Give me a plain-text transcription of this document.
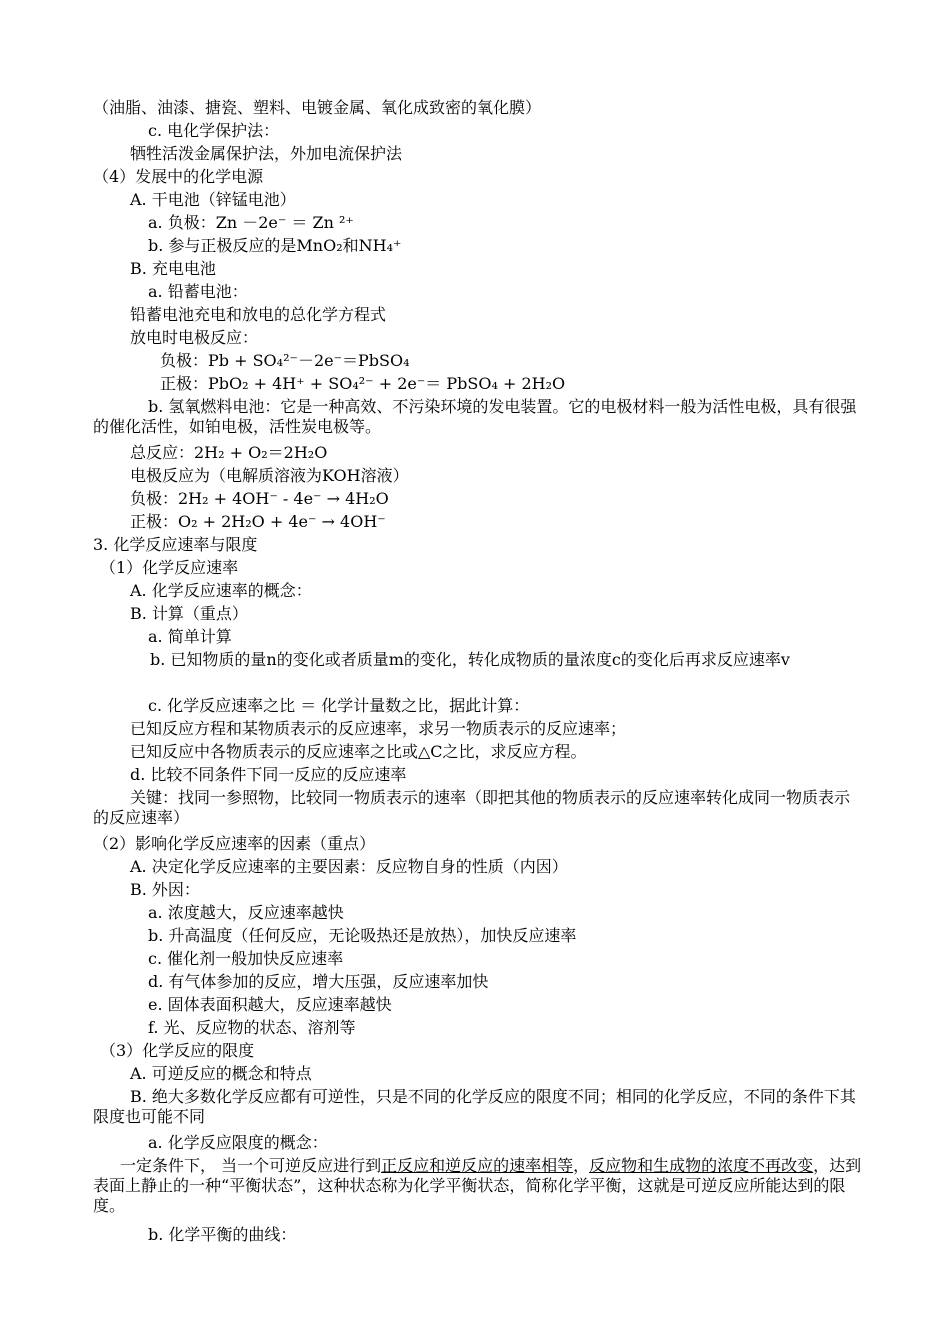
（油脂、油漆、搪瓷、塑料、电镀金属、氧化成致密的氧化膜）
c. 电化学保护法：
牺牲活泼金属保护法，外加电流保护法
（4）发展中的化学电源
A. 干电池（锌锰电池）
a. 负极：Zn －2e⁻ ＝ Zn ²⁺
b. 参与正极反应的是MnO₂和NH₄⁺
B. 充电电池
a. 铅蓄电池：
铅蓄电池充电和放电的总化学方程式
放电时电极反应：
负极：Pb + SO₄²⁻－2e⁻＝PbSO₄
正极：PbO₂ + 4H⁺ + SO₄²⁻ + 2e⁻＝ PbSO₄ + 2H₂O
b. 氢氧燃料电池：它是一种高效、不污染环境的发电装置。它的电极材料一般为活性电极，具有很强的催化活性，如铂电极，活性炭电极等。
总反应：2H₂ + O₂＝2H₂O
电极反应为（电解质溶液为KOH溶液）
负极：2H₂ + 4OH⁻ - 4e⁻ → 4H₂O
正极：O₂ + 2H₂O + 4e⁻ → 4OH⁻
3. 化学反应速率与限度
（1）化学反应速率
A. 化学反应速率的概念：
B. 计算（重点）
a. 简单计算
b. 已知物质的量n的变化或者质量m的变化，转化成物质的量浓度c的变化后再求反应速率v
c. 化学反应速率之比 ＝ 化学计量数之比，据此计算：
已知反应方程和某物质表示的反应速率，求另一物质表示的反应速率；
已知反应中各物质表示的反应速率之比或△C之比，求反应方程。
d. 比较不同条件下同一反应的反应速率
关键：找同一参照物，比较同一物质表示的速率（即把其他的物质表示的反应速率转化成同一物质表示的反应速率）
（2）影响化学反应速率的因素（重点）
A. 决定化学反应速率的主要因素：反应物自身的性质（内因）
B. 外因：
a. 浓度越大，反应速率越快
b. 升高温度（任何反应，无论吸热还是放热），加快反应速率
c. 催化剂一般加快反应速率
d. 有气体参加的反应，增大压强，反应速率加快
e. 固体表面积越大，反应速率越快
f. 光、反应物的状态、溶剂等
（3）化学反应的限度
A. 可逆反应的概念和特点
B. 绝大多数化学反应都有可逆性，只是不同的化学反应的限度不同；相同的化学反应，不同的条件下其限度也可能不同
a. 化学反应限度的概念：
一定条件下， 当一个可逆反应进行到正反应和逆反应的速率相等，反应物和生成物的浓度不再改变，达到表面上静止的一种“平衡状态”，这种状态称为化学平衡状态，简称化学平衡，这就是可逆反应所能达到的限度。
b. 化学平衡的曲线：
